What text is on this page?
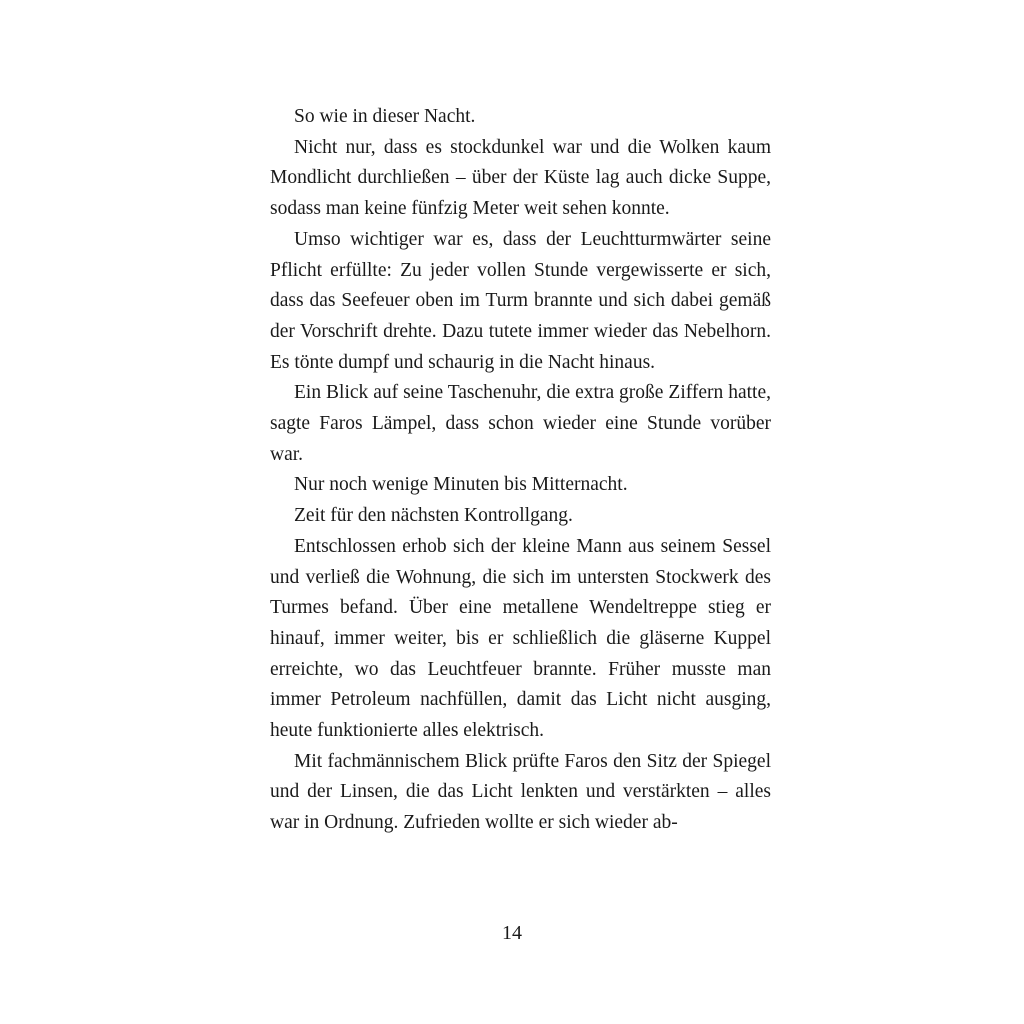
So wie in dieser Nacht.

Nicht nur, dass es stockdunkel war und die Wolken kaum Mondlicht durchließen – über der Küste lag auch dicke Suppe, sodass man keine fünfzig Meter weit sehen konnte.

Umso wichtiger war es, dass der Leuchtturmwärter seine Pflicht erfüllte: Zu jeder vollen Stunde vergewisserte er sich, dass das Seefeuer oben im Turm brannte und sich dabei gemäß der Vorschrift drehte. Dazu tutete immer wieder das Nebelhorn. Es tönte dumpf und schaurig in die Nacht hinaus.

Ein Blick auf seine Taschenuhr, die extra große Ziffern hatte, sagte Faros Lämpel, dass schon wieder eine Stunde vorüber war.

Nur noch wenige Minuten bis Mitternacht.

Zeit für den nächsten Kontrollgang.

Entschlossen erhob sich der kleine Mann aus seinem Sessel und verließ die Wohnung, die sich im untersten Stockwerk des Turmes befand. Über eine metallene Wendeltreppe stieg er hinauf, immer weiter, bis er schließlich die gläserne Kuppel erreichte, wo das Leuchtfeuer brannte. Früher musste man immer Petroleum nachfüllen, damit das Licht nicht ausging, heute funktionierte alles elektrisch.

Mit fachmännischem Blick prüfte Faros den Sitz der Spiegel und der Linsen, die das Licht lenkten und verstärkten – alles war in Ordnung. Zufrieden wollte er sich wieder ab-

14
